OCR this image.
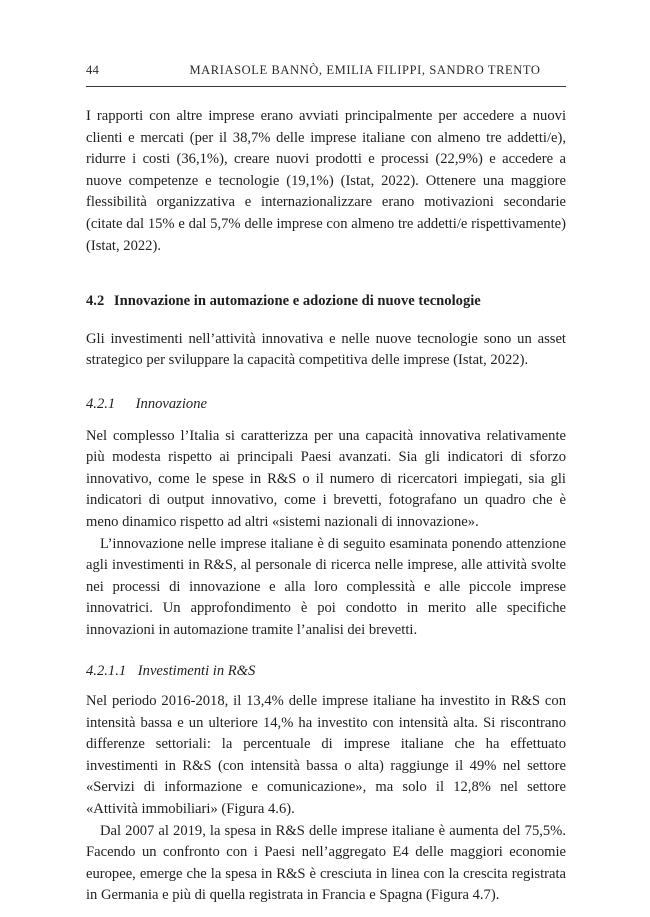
44	MARIASOLE BANNÒ, EMILIA FILIPPI, SANDRO TRENTO

I rapporti con altre imprese erano avviati principalmente per accedere a nuovi clienti e mercati (per il 38,7% delle imprese italiane con almeno tre addetti/e), ridurre i costi (36,1%), creare nuovi prodotti e processi (22,9%) e accedere a nuove competenze e tecnologie (19,1%) (Istat, 2022). Ottenere una maggiore flessibilità organizzativa e internazionalizzare erano motivazioni secondarie (citate dal 15% e dal 5,7% delle imprese con almeno tre addetti/e rispettivamente) (Istat, 2022).

4.2 Innovazione in automazione e adozione di nuove tecnologie

Gli investimenti nell’attività innovativa e nelle nuove tecnologie sono un asset strategico per sviluppare la capacità competitiva delle imprese (Istat, 2022).

4.2.1 Innovazione

Nel complesso l’Italia si caratterizza per una capacità innovativa relativamente più modesta rispetto ai principali Paesi avanzati. Sia gli indicatori di sforzo innovativo, come le spese in R&S o il numero di ricercatori impiegati, sia gli indicatori di output innovativo, come i brevetti, fotografano un quadro che è meno dinamico rispetto ad altri «sistemi nazionali di innovazione».

L’innovazione nelle imprese italiane è di seguito esaminata ponendo attenzione agli investimenti in R&S, al personale di ricerca nelle imprese, alle attività svolte nei processi di innovazione e alla loro complessità e alle piccole imprese innovatrici. Un approfondimento è poi condotto in merito alle specifiche innovazioni in automazione tramite l’analisi dei brevetti.

4.2.1.1 Investimenti in R&S

Nel periodo 2016-2018, il 13,4% delle imprese italiane ha investito in R&S con intensità bassa e un ulteriore 14,% ha investito con intensità alta. Si riscontrano differenze settoriali: la percentuale di imprese italiane che ha effettuato investimenti in R&S (con intensità bassa o alta) raggiunge il 49% nel settore «Servizi di informazione e comunicazione», ma solo il 12,8% nel settore «Attività immobiliari» (Figura 4.6).

Dal 2007 al 2019, la spesa in R&S delle imprese italiane è aumenta del 75,5%. Facendo un confronto con i Paesi nell’aggregato E4 delle maggiori economie europee, emerge che la spesa in R&S è cresciuta in linea con la crescita registrata in Germania e più di quella registrata in Francia e Spagna (Figura 4.7).
